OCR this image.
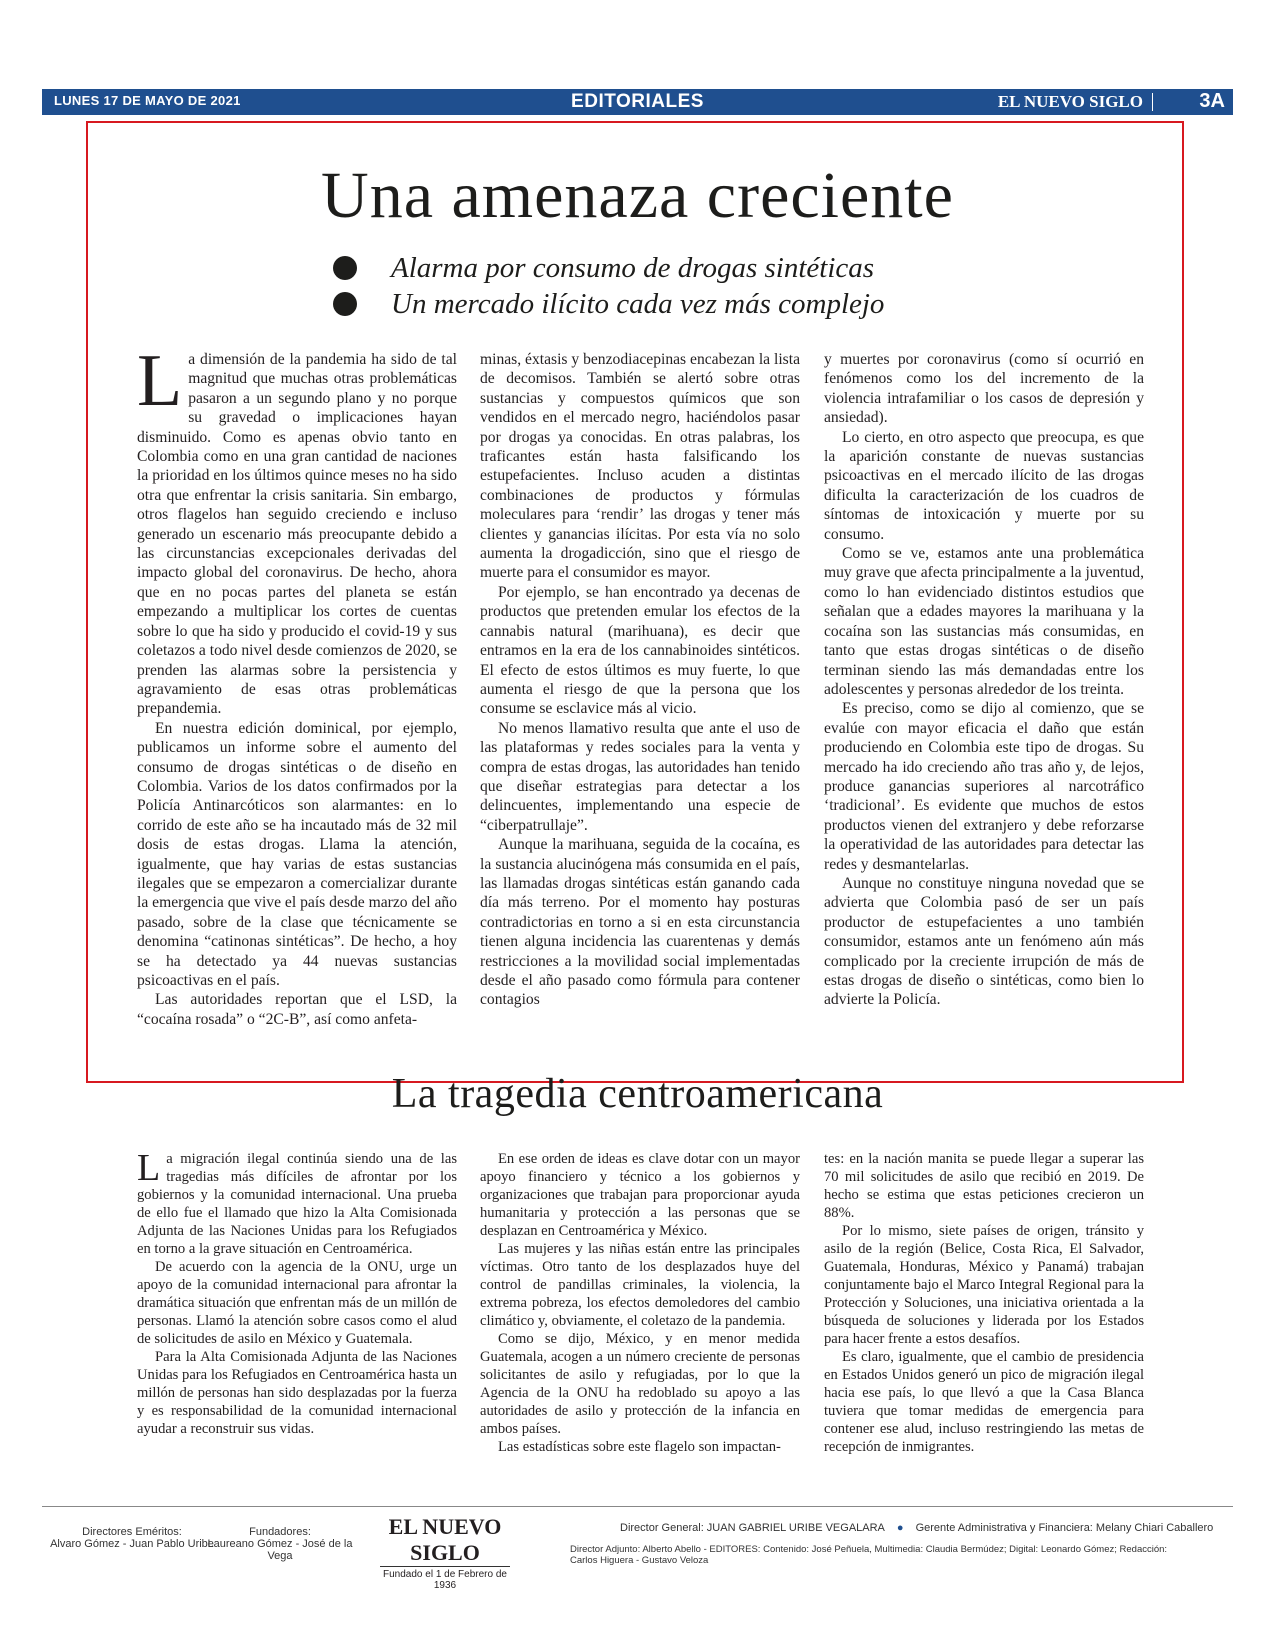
LUNES 17 DE MAYO DE 2021	EDITORIALES	EL NUEVO SIGLO	3A
Una amenaza creciente
Alarma por consumo de drogas sintéticas
Un mercado ilícito cada vez más complejo

La dimensión de la pandemia ha sido de tal magnitud que muchas otras problemáticas pasaron a un segundo plano y no porque su gravedad o implicaciones hayan disminuido. Como es apenas obvio tanto en Colombia como en una gran cantidad de naciones la prioridad en los últimos quince meses no ha sido otra que enfrentar la crisis sanitaria. Sin embargo, otros flagelos han seguido creciendo e incluso generado un escenario más preocupante debido a las circunstancias excepcionales derivadas del impacto global del coronavirus. De hecho, ahora que en no pocas partes del planeta se están empezando a multiplicar los cortes de cuentas sobre lo que ha sido y producido el covid-19 y sus coletazos a todo nivel desde comienzos de 2020, se prenden las alarmas sobre la persistencia y agravamiento de esas otras problemáticas prepandemia.

En nuestra edición dominical, por ejemplo, publicamos un informe sobre el aumento del consumo de drogas sintéticas o de diseño en Colombia. Varios de los datos confirmados por la Policía Antinarcóticos son alarmantes: en lo corrido de este año se ha incautado más de 32 mil dosis de estas drogas. Llama la atención, igualmente, que hay varias de estas sustancias ilegales que se empezaron a comercializar durante la emergencia que vive el país desde marzo del año pasado, sobre de la clase que técnicamente se denomina “catinonas sintéticas”. De hecho, a hoy se ha detectado ya 44 nuevas sustancias psicoactivas en el país.

Las autoridades reportan que el LSD, la “cocaína rosada” o “2C-B”, así como anfeta-

minas, éxtasis y benzodiacepinas encabezan la lista de decomisos. También se alertó sobre otras sustancias y compuestos químicos que son vendidos en el mercado negro, haciéndolos pasar por drogas ya conocidas. En otras palabras, los traficantes están hasta falsificando los estupefacientes. Incluso acuden a distintas combinaciones de productos y fórmulas moleculares para ‘rendir’ las drogas y tener más clientes y ganancias ilícitas. Por esta vía no solo aumenta la drogadicción, sino que el riesgo de muerte para el consumidor es mayor.

Por ejemplo, se han encontrado ya decenas de productos que pretenden emular los efectos de la cannabis natural (marihuana), es decir que entramos en la era de los cannabinoides sintéticos. El efecto de estos últimos es muy fuerte, lo que aumenta el riesgo de que la persona que los consume se esclavice más al vicio.

No menos llamativo resulta que ante el uso de las plataformas y redes sociales para la venta y compra de estas drogas, las autoridades han tenido que diseñar estrategias para detectar a los delincuentes, implementando una especie de “ciberpatrullaje”.

Aunque la marihuana, seguida de la cocaína, es la sustancia alucinógena más consumida en el país, las llamadas drogas sintéticas están ganando cada día más terreno. Por el momento hay posturas contradictorias en torno a si en esta circunstancia tienen alguna incidencia las cuarentenas y demás restricciones a la movilidad social implementadas desde el año pasado como fórmula para contener contagios

y muertes por coronavirus (como sí ocurrió en fenómenos como los del incremento de la violencia intrafamiliar o los casos de depresión y ansiedad).

Lo cierto, en otro aspecto que preocupa, es que la aparición constante de nuevas sustancias psicoactivas en el mercado ilícito de las drogas dificulta la caracterización de los cuadros de síntomas de intoxicación y muerte por su consumo.

Como se ve, estamos ante una problemática muy grave que afecta principalmente a la juventud, como lo han evidenciado distintos estudios que señalan que a edades mayores la marihuana y la cocaína son las sustancias más consumidas, en tanto que estas drogas sintéticas o de diseño terminan siendo las más demandadas entre los adolescentes y personas alrededor de los treinta.

Es preciso, como se dijo al comienzo, que se evalúe con mayor eficacia el daño que están produciendo en Colombia este tipo de drogas. Su mercado ha ido creciendo año tras año y, de lejos, produce ganancias superiores al narcotráfico ‘tradicional’. Es evidente que muchos de estos productos vienen del extranjero y debe reforzarse la operatividad de las autoridades para detectar las redes y desmantelarlas.

Aunque no constituye ninguna novedad que se advierta que Colombia pasó de ser un país productor de estupefacientes a uno también consumidor, estamos ante un fenómeno aún más complicado por la creciente irrupción de más de estas drogas de diseño o sintéticas, como bien lo advierte la Policía.

La tragedia centroamericana

La migración ilegal continúa siendo una de las tragedias más difíciles de afrontar por los gobiernos y la comunidad internacional. Una prueba de ello fue el llamado que hizo la Alta Comisionada Adjunta de las Naciones Unidas para los Refugiados en torno a la grave situación en Centroamérica.

De acuerdo con la agencia de la ONU, urge un apoyo de la comunidad internacional para afrontar la dramática situación que enfrentan más de un millón de personas. Llamó la atención sobre casos como el alud de solicitudes de asilo en México y Guatemala.

Para la Alta Comisionada Adjunta de las Naciones Unidas para los Refugiados en Centroamérica hasta un millón de personas han sido desplazadas por la fuerza y es responsabilidad de la comunidad internacional ayudar a reconstruir sus vidas.

En ese orden de ideas es clave dotar con un mayor apoyo financiero y técnico a los gobiernos y organizaciones que trabajan para proporcionar ayuda humanitaria y protección a las personas que se desplazan en Centroamérica y México.

Las mujeres y las niñas están entre las principales víctimas. Otro tanto de los desplazados huye del control de pandillas criminales, la violencia, la extrema pobreza, los efectos demoledores del cambio climático y, obviamente, el coletazo de la pandemia.

Como se dijo, México, y en menor medida Guatemala, acogen a un número creciente de personas solicitantes de asilo y refugiadas, por lo que la Agencia de la ONU ha redoblado su apoyo a las autoridades de asilo y protección de la infancia en ambos países.

Las estadísticas sobre este flagelo son impactan-

tes: en la nación manita se puede llegar a superar las 70 mil solicitudes de asilo que recibió en 2019. De hecho se estima que estas peticiones crecieron un 88%.

Por lo mismo, siete países de origen, tránsito y asilo de la región (Belice, Costa Rica, El Salvador, Guatemala, Honduras, México y Panamá) trabajan conjuntamente bajo el Marco Integral Regional para la Protección y Soluciones, una iniciativa orientada a la búsqueda de soluciones y liderada por los Estados para hacer frente a estos desafíos.

Es claro, igualmente, que el cambio de presidencia en Estados Unidos generó un pico de migración ilegal hacia ese país, lo que llevó a que la Casa Blanca tuviera que tomar medidas de emergencia para contener ese alud, incluso restringiendo las metas de recepción de inmigrantes.

Directores Eméritos:
Alvaro Gómez - Juan Pablo Uribe
Fundadores:
Laureano Gómez - José de la Vega
EL NUEVO SIGLO
Fundado el 1 de Febrero de 1936
Director General: JUAN GABRIEL URIBE VEGALARA ● Gerente Administrativa y Financiera: Melany Chiari Caballero
Director Adjunto: Alberto Abello - EDITORES: Contenido: José Peñuela, Multimedia: Claudia Bermúdez; Digital: Leonardo Gómez; Redacción: Carlos Higuera - Gustavo Veloza
